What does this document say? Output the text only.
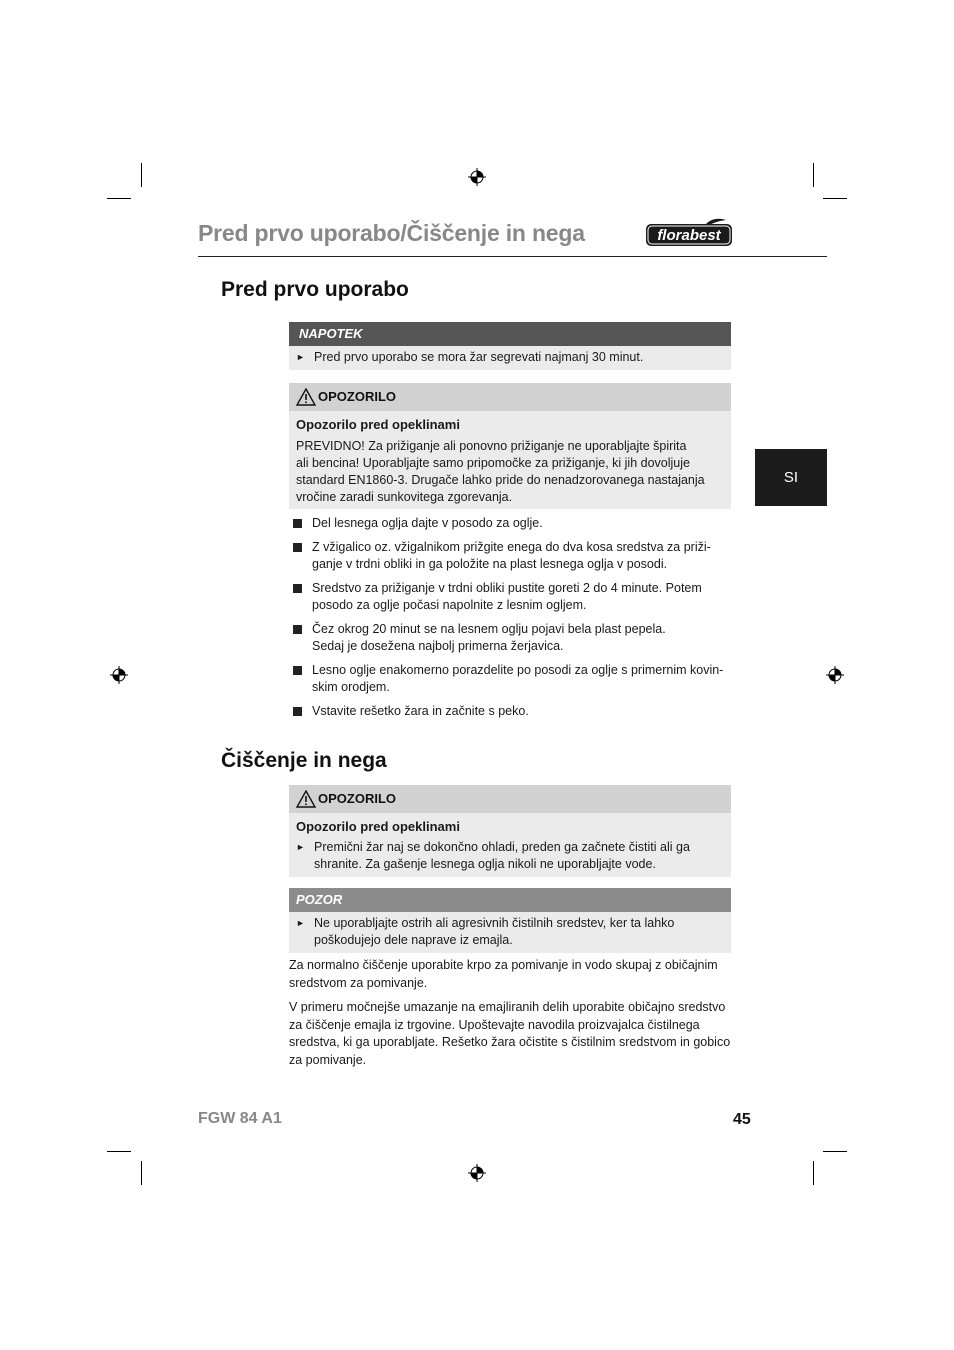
Pred prvo uporabo/Čiščenje in nega	florabest
SI
Pred prvo uporabo
NAPOTEK
► Pred prvo uporabo se mora žar segrevati najmanj 30 minut.
OPOZORILO
Opozorilo pred opeklinami
PREVIDNO! Za prižiganje ali ponovno prižiganje ne uporabljajte špirita
ali bencina! Uporabljajte samo pripomočke za prižiganje, ki jih dovoljuje
standard EN1860-3. Drugače lahko pride do nenadzorovanega nastajanja
vročine zaradi sunkovitega zgorevanja.
Del lesnega oglja dajte v posodo za oglje.
Z vžigalico oz. vžigalnikom prižgite enega do dva kosa sredstva za priži-
ganje v trdni obliki in ga položite na plast lesnega oglja v posodi.
Sredstvo za prižiganje v trdni obliki pustite goreti 2 do 4 minute. Potem
posodo za oglje počasi napolnite z lesnim ogljem.
Čez okrog 20 minut se na lesnem oglju pojavi bela plast pepela.
Sedaj je dosežena najbolj primerna žerjavica.
Lesno oglje enakomerno porazdelite po posodi za oglje s primernim kovin-
skim orodjem.
Vstavite rešetko žara in začnite s peko.
Čiščenje in nega
OPOZORILO
Opozorilo pred opeklinami
► Premični žar naj se dokončno ohladi, preden ga začnete čistiti ali ga
shranite. Za gašenje lesnega oglja nikoli ne uporabljajte vode.
POZOR
► Ne uporabljajte ostrih ali agresivnih čistilnih sredstev, ker ta lahko
poškodujejo dele naprave iz emajla.
Za normalno čiščenje uporabite krpo za pomivanje in vodo skupaj z običajnim
sredstvom za pomivanje.
V primeru močnejše umazanje na emajliranih delih uporabite običajno sredstvo
za čiščenje emajla iz trgovine. Upoštevajte navodila proizvajalca čistilnega
sredstva, ki ga uporabljate. Rešetko žara očistite s čistilnim sredstvom in gobico
za pomivanje.
FGW 84 A1	45
